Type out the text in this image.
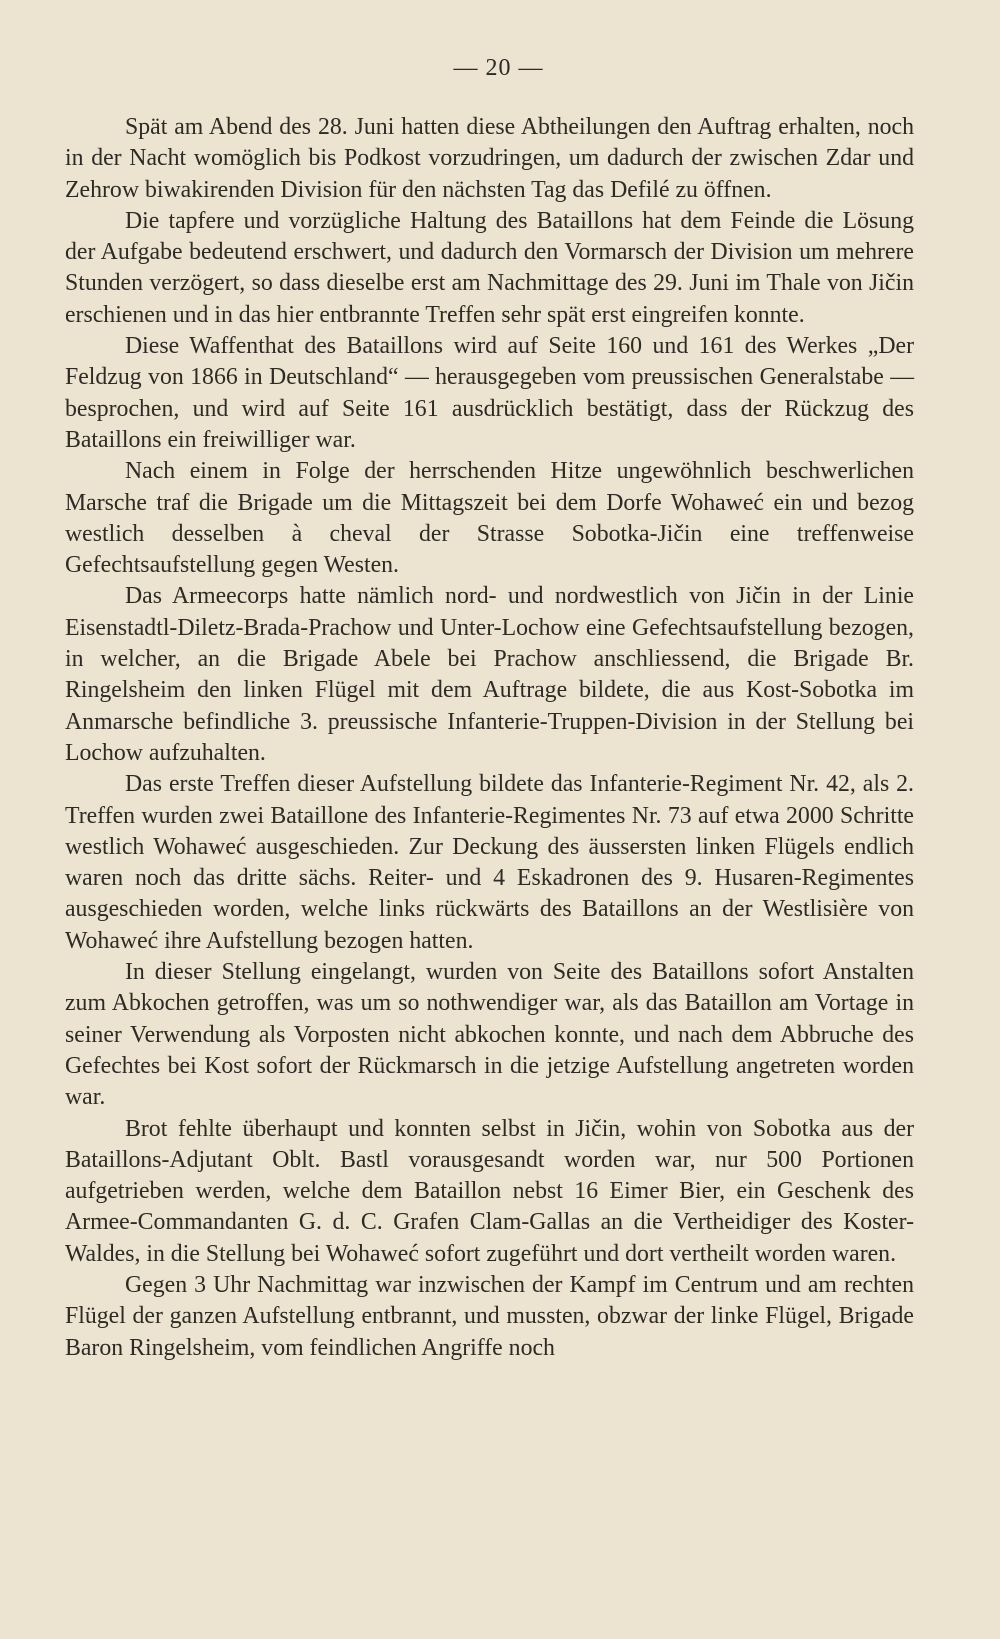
— 20 —

Spät am Abend des 28. Juni hatten diese Abtheilungen den Auftrag erhalten, noch in der Nacht womöglich bis Podkost vorzudringen, um dadurch der zwischen Zdar und Zehrow biwakirenden Division für den nächsten Tag das Defilé zu öffnen.

Die tapfere und vorzügliche Haltung des Bataillons hat dem Feinde die Lösung der Aufgabe bedeutend erschwert, und dadurch den Vormarsch der Division um mehrere Stunden verzögert, so dass dieselbe erst am Nachmittage des 29. Juni im Thale von Jičin erschienen und in das hier entbrannte Treffen sehr spät erst eingreifen konnte.

Diese Waffenthat des Bataillons wird auf Seite 160 und 161 des Werkes „Der Feldzug von 1866 in Deutschland“ — herausgegeben vom preussischen Generalstabe — besprochen, und wird auf Seite 161 ausdrücklich bestätigt, dass der Rückzug des Bataillons ein freiwilliger war.

Nach einem in Folge der herrschenden Hitze ungewöhnlich beschwerlichen Marsche traf die Brigade um die Mittagszeit bei dem Dorfe Wohaweć ein und bezog westlich desselben à cheval der Strasse Sobotka-Jičin eine treffenweise Gefechtsaufstellung gegen Westen.

Das Armeecorps hatte nämlich nord- und nordwestlich von Jičin in der Linie Eisenstadtl-Diletz-Brada-Prachow und Unter-Lochow eine Gefechtsaufstellung bezogen, in welcher, an die Brigade Abele bei Prachow anschliessend, die Brigade Br. Ringelsheim den linken Flügel mit dem Auftrage bildete, die aus Kost-Sobotka im Anmarsche befindliche 3. preussische Infanterie-Truppen-Division in der Stellung bei Lochow aufzuhalten.

Das erste Treffen dieser Aufstellung bildete das Infanterie-Regiment Nr. 42, als 2. Treffen wurden zwei Bataillone des Infanterie-Regimentes Nr. 73 auf etwa 2000 Schritte westlich Wohaweć ausgeschieden. Zur Deckung des äussersten linken Flügels endlich waren noch das dritte sächs. Reiter- und 4 Eskadronen des 9. Husaren-Regimentes ausgeschieden worden, welche links rückwärts des Bataillons an der Westlisière von Wohaweć ihre Aufstellung bezogen hatten.

In dieser Stellung eingelangt, wurden von Seite des Bataillons sofort Anstalten zum Abkochen getroffen, was um so nothwendiger war, als das Bataillon am Vortage in seiner Verwendung als Vorposten nicht abkochen konnte, und nach dem Abbruche des Gefechtes bei Kost sofort der Rückmarsch in die jetzige Aufstellung angetreten worden war.

Brot fehlte überhaupt und konnten selbst in Jičin, wohin von Sobotka aus der Bataillons-Adjutant Oblt. Bastl vorausgesandt worden war, nur 500 Portionen aufgetrieben werden, welche dem Bataillon nebst 16 Eimer Bier, ein Geschenk des Armee-Commandanten G. d. C. Grafen Clam-Gallas an die Vertheidiger des Koster-Waldes, in die Stellung bei Wohaweć sofort zugeführt und dort vertheilt worden waren.

Gegen 3 Uhr Nachmittag war inzwischen der Kampf im Centrum und am rechten Flügel der ganzen Aufstellung entbrannt, und mussten, obzwar der linke Flügel, Brigade Baron Ringelsheim, vom feindlichen Angriffe noch
